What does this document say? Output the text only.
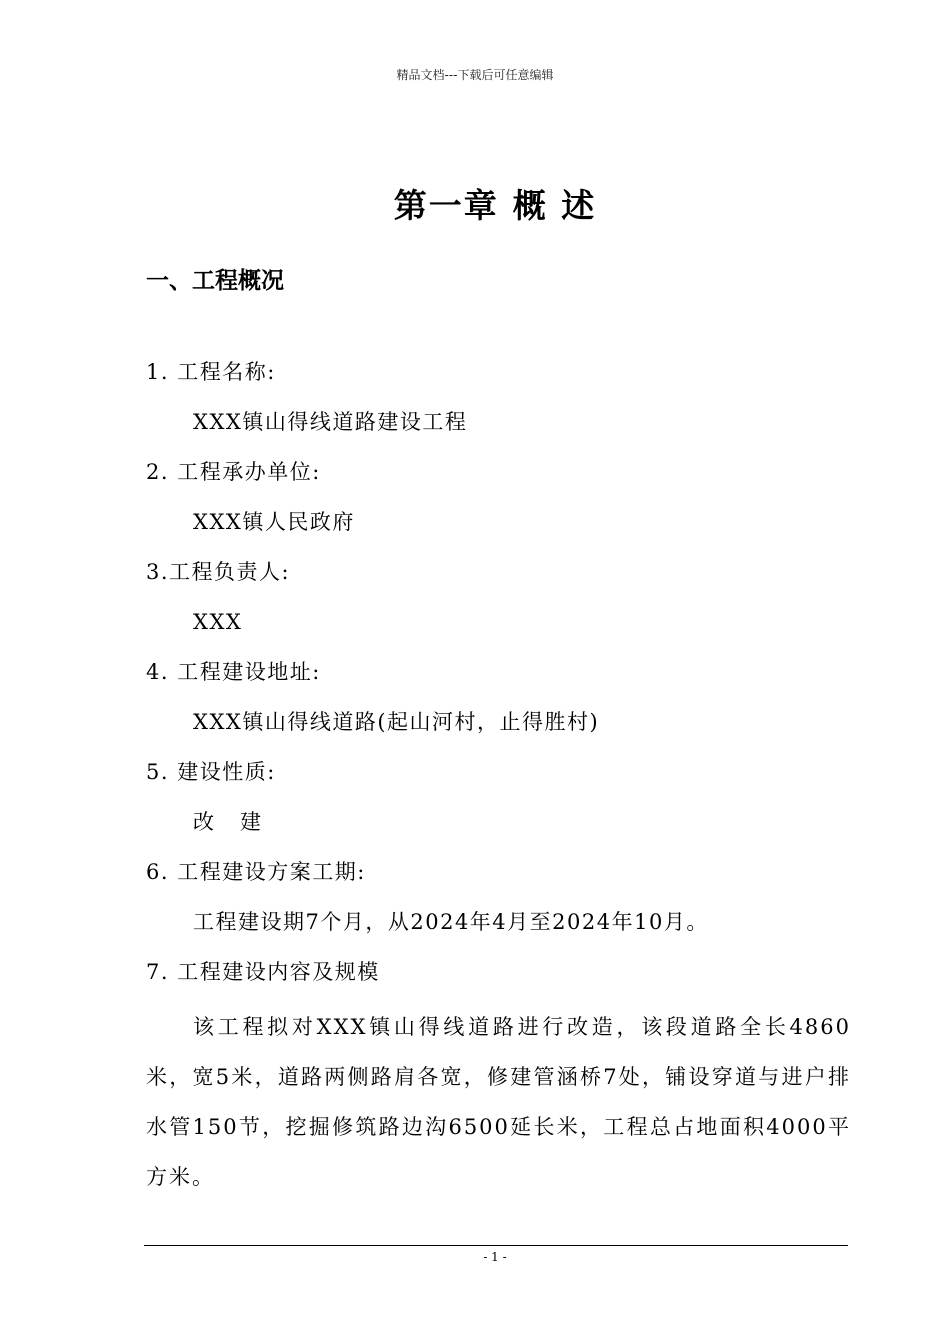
精品文档---下载后可任意编辑
第一章 概 述
一、工程概况
1. 工程名称:
XXX镇山得线道路建设工程
2. 工程承办单位:
XXX镇人民政府
3.工程负责人:
XXX
4. 工程建设地址:
XXX镇山得线道路(起山河村，止得胜村)
5. 建设性质:
改   建
6. 工程建设方案工期:
工程建设期7个月，从2024年4月至2024年10月。
7. 工程建设内容及规模
该工程拟对XXX镇山得线道路进行改造，该段道路全长4860米，宽5米，道路两侧路肩各宽，修建管涵桥7处，铺设穿道与进户排水管150节，挖掘修筑路边沟6500延长米，工程总占地面积4000平方米。
- 1 -
